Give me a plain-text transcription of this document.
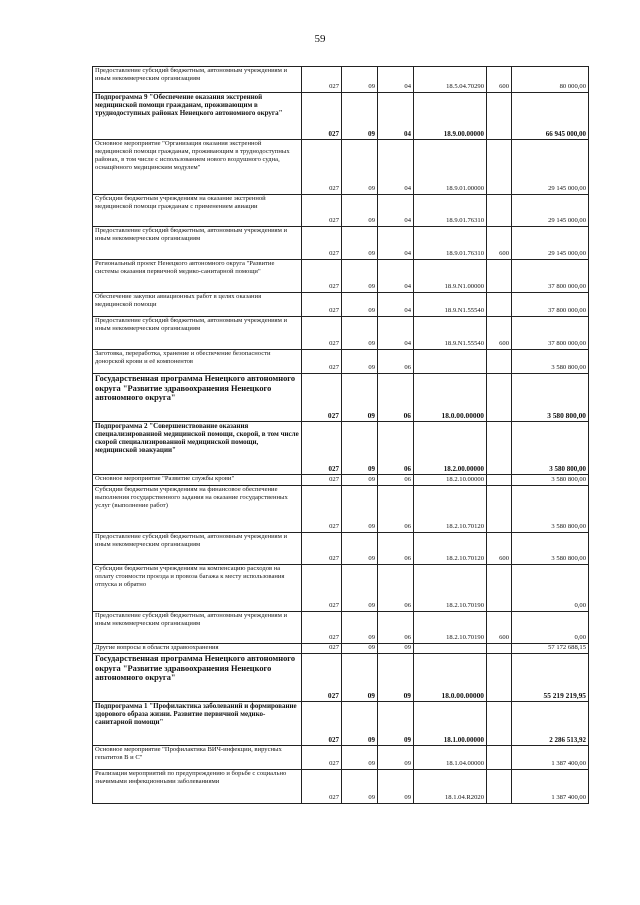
59
Предоставление субсидий бюджетным, автономным учреждениям и иным некоммерческим организациям	027	09	04	18.5.04.70290	600	80 000,00
Подпрограмма 9 "Обеспечение оказания экстренной медицинской помощи гражданам, проживающим в труднодоступных районах Ненецкого автономного округа"	027	09	04	18.9.00.00000		66 945 000,00
Основное мероприятие "Организация оказания экстренной медицинской помощи гражданам, проживающим в труднодоступных районах, в том числе с использованием нового воздушного судна, оснащённого медицинским модулем"	027	09	04	18.9.01.00000		29 145 000,00
Субсидии бюджетным учреждениям на оказание экстренной медицинской помощи гражданам с применением авиации	027	09	04	18.9.01.76310		29 145 000,00
Предоставление субсидий бюджетным, автономным учреждениям и иным некоммерческим организациям	027	09	04	18.9.01.76310	600	29 145 000,00
Региональный проект Ненецкого автономного округа "Развитие системы оказания первичной медико-санитарной помощи"	027	09	04	18.9.N1.00000		37 800 000,00
Обеспечение закупки авиационных работ в целях оказания медицинской помощи	027	09	04	18.9.N1.55540		37 800 000,00
Предоставление субсидий бюджетным, автономным учреждениям и иным некоммерческим организациям	027	09	04	18.9.N1.55540	600	37 800 000,00
Заготовка, переработка, хранение и обеспечение безопасности донорской крови и её компонентов	027	09	06			3 580 800,00
Государственная программа Ненецкого автономного округа "Развитие здравоохранения Ненецкого автономного округа"	027	09	06	18.0.00.00000		3 580 800,00
Подпрограмма 2 "Совершенствование оказания специализированной медицинской помощи, скорой, в том числе скорой специализированной медицинской помощи, медицинской эвакуации"	027	09	06	18.2.00.00000		3 580 800,00
Основное мероприятие "Развитие службы крови"	027	09	06	18.2.10.00000		3 580 800,00
Субсидии бюджетным учреждениям на финансовое обеспечение выполнения государственного задания на оказание государственных услуг (выполнение работ)	027	09	06	18.2.10.70120		3 580 800,00
Предоставление субсидий бюджетным, автономным учреждениям и иным некоммерческим организациям	027	09	06	18.2.10.70120	600	3 580 800,00
Субсидии бюджетным учреждениям на компенсацию расходов на оплату стоимости проезда и провоза багажа к месту использования отпуска и обратно	027	09	06	18.2.10.70190		0,00
Предоставление субсидий бюджетным, автономным учреждениям и иным некоммерческим организациям	027	09	06	18.2.10.70190	600	0,00
Другие вопросы в области здравоохранения	027	09	09			57 172 688,15
Государственная программа Ненецкого автономного округа "Развитие здравоохранения Ненецкого автономного округа"	027	09	09	18.0.00.00000		55 219 219,95
Подпрограмма 1 "Профилактика заболеваний и формирование здорового образа жизни. Развитие первичной медико-санитарной помощи"	027	09	09	18.1.00.00000		2 286 513,92
Основное мероприятие "Профилактика ВИЧ-инфекции, вирусных гепатитов В и С"	027	09	09	18.1.04.00000		1 387 400,00
Реализация мероприятий по предупреждению и борьбе с социально значимыми инфекционными заболеваниями	027	09	09	18.1.04.R2020		1 387 400,00
